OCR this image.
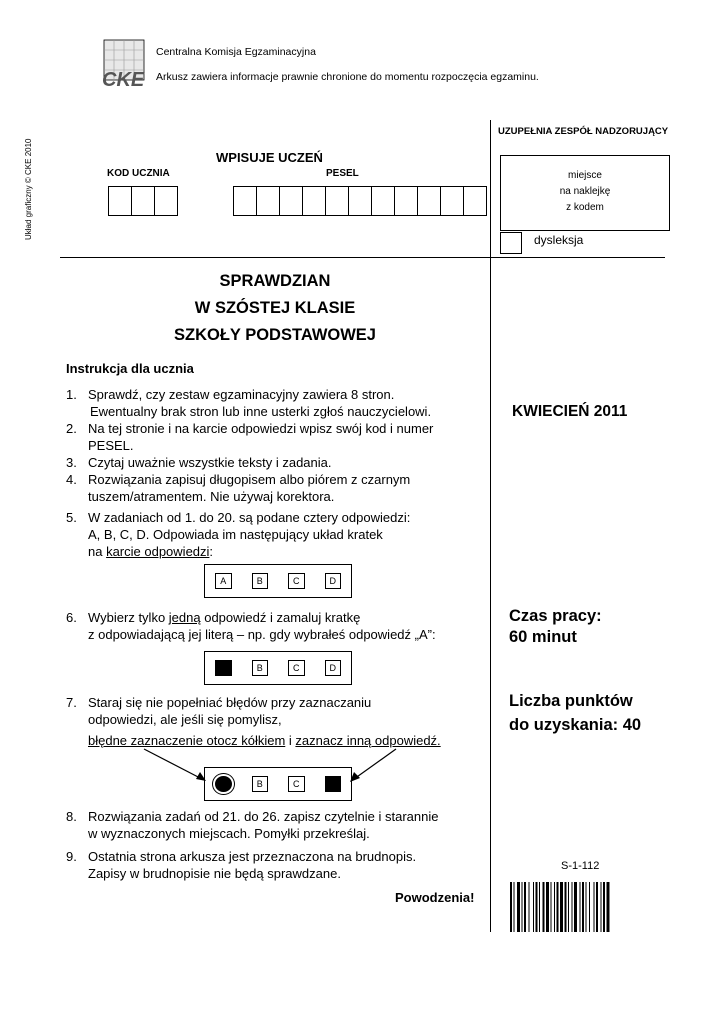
CKE
Centralna Komisja Egzaminacyjna
Arkusz zawiera informacje prawnie chronione do momentu rozpoczęcia egzaminu.
Układ graficzny © CKE 2010	WPISUJE UCZEŃ
KOD UCZNIA	PESEL
UZUPEŁNIA ZESPÓŁ NADZORUJĄCY
miejsce
na naklejkę
z kodem
dysleksja
SPRAWDZIAN
W SZÓSTEJ KLASIE
SZKOŁY PODSTAWOWEJ
Instrukcja dla ucznia
1. Sprawdź, czy zestaw egzaminacyjny zawiera 8 stron.
Ewentualny brak stron lub inne usterki zgłoś nauczycielowi.
2. Na tej stronie i na karcie odpowiedzi wpisz swój kod i numer
PESEL.
3. Czytaj uważnie wszystkie teksty i zadania.
4. Rozwiązania zapisuj długopisem albo piórem z czarnym
tuszem/atramentem. Nie używaj korektora.
5. W zadaniach od 1. do 20. są podane cztery odpowiedzi:
A, B, C, D. Odpowiada im następujący układ kratek
na karcie odpowiedzi:
A	B	C	D
6. Wybierz tylko jedną odpowiedź i zamaluj kratkę
z odpowiadającą jej literą – np. gdy wybrałeś odpowiedź „A”:
B	C	D
7. Staraj się nie popełniać błędów przy zaznaczaniu
odpowiedzi, ale jeśli się pomylisz,
błędne zaznaczenie otocz kółkiem i zaznacz inną odpowiedź.
B	C
8. Rozwiązania zadań od 21. do 26. zapisz czytelnie i starannie
w wyznaczonych miejscach. Pomyłki przekreślaj.
9. Ostatnia strona arkusza jest przeznaczona na brudnopis.
Zapisy w brudnopisie nie będą sprawdzane.
Powodzenia!
KWIECIEŃ 2011
Czas pracy:
60 minut
Liczba punktów
do uzyskania: 40
S-1-112
